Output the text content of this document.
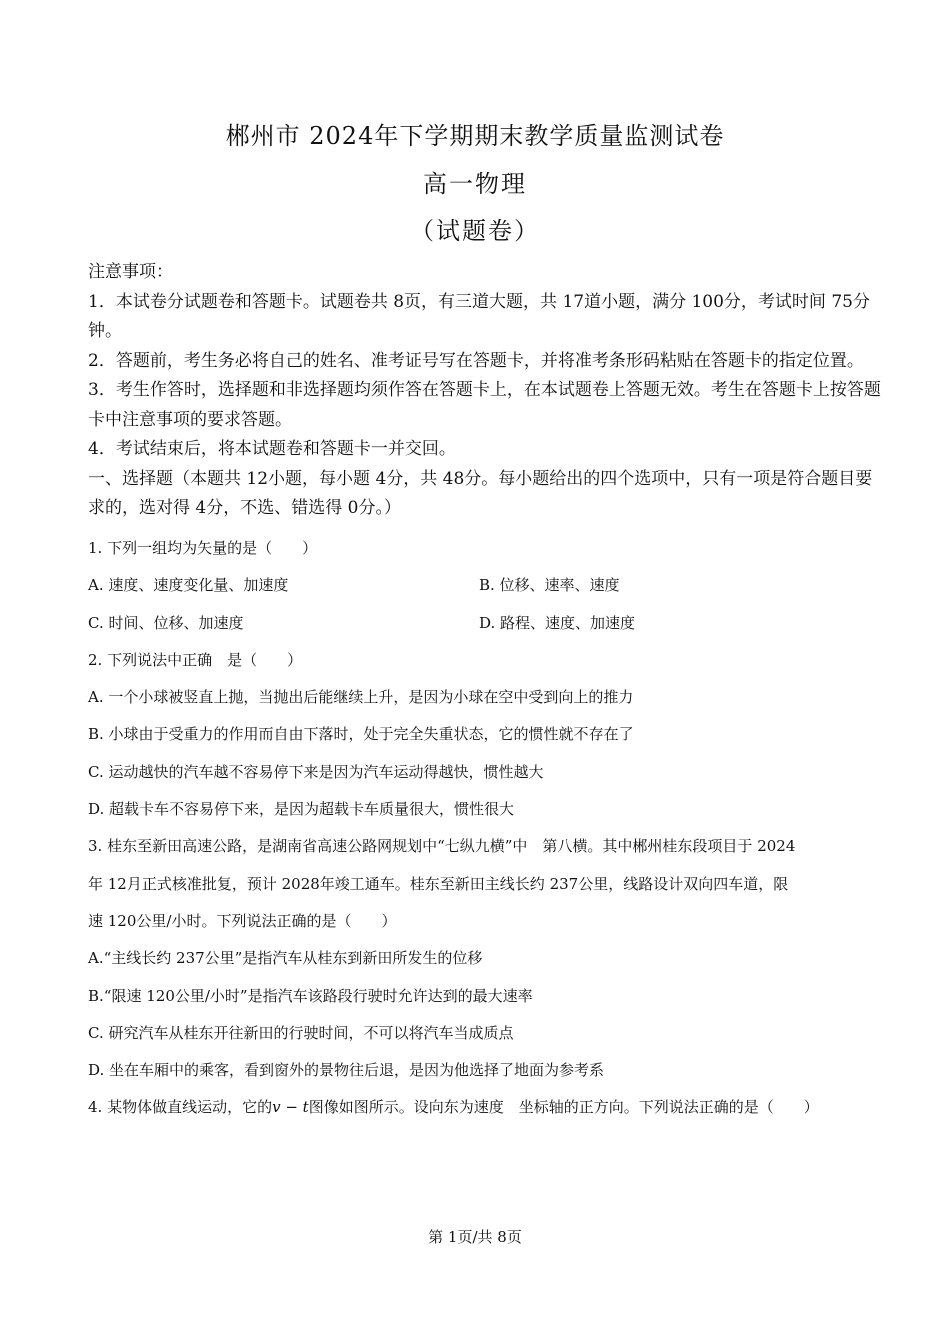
郴州市 2024年下学期期末教学质量监测试卷
高一物理
（试题卷）

注意事项：

1．本试卷分试题卷和答题卡。试题卷共 8页，有三道大题，共 17道小题，满分 100分，考试时间 75分钟。

2．答题前，考生务必将自己的姓名、准考证号写在答题卡，并将准考条形码粘贴在答题卡的指定位置。

3．考生作答时，选择题和非选择题均须作答在答题卡上，在本试题卷上答题无效。考生在答题卡上按答题卡中注意事项的要求答题。

4．考试结束后，将本试题卷和答题卡一并交回。

一、选择题（本题共 12小题，每小题 4分，共 48分。每小题给出的四个选项中，只有一项是符合题目要求的，选对得 4分，不选、错选得 0分。）

1. 下列一组均为矢量的是（　　）

A. 速度、速度变化量、加速度	B. 位移、速率、速度
C. 时间、位移、加速度	D. 路程、速度、加速度

2. 下列说法中正确　是（　　）

A. 一个小球被竖直上抛，当抛出后能继续上升，是因为小球在空中受到向上的推力

B. 小球由于受重力的作用而自由下落时，处于完全失重状态，它的惯性就不存在了

C. 运动越快的汽车越不容易停下来是因为汽车运动得越快，惯性越大

D. 超载卡车不容易停下来，是因为超载卡车质量很大，惯性很大

3. 桂东至新田高速公路，是湖南省高速公路网规划中“七纵九横”中　第八横。其中郴州桂东段项目于 2024

年 12月正式核准批复，预计 2028年竣工通车。桂东至新田主线长约 237公里，线路设计双向四车道，限

速 120公里/小时。下列说法正确的是（　　）

A.“主线长约 237公里”是指汽车从桂东到新田所发生的位移

B.“限速 120公里/小时”是指汽车该路段行驶时允许达到的最大速率

C. 研究汽车从桂东开往新田的行驶时间，不可以将汽车当成质点

D. 坐在车厢中的乘客，看到窗外的景物往后退，是因为他选择了地面为参考系

4. 某物体做直线运动，它的v − t图像如图所示。设向东为速度　坐标轴的正方向。下列说法正确的是（　　）

第 1页/共 8页
